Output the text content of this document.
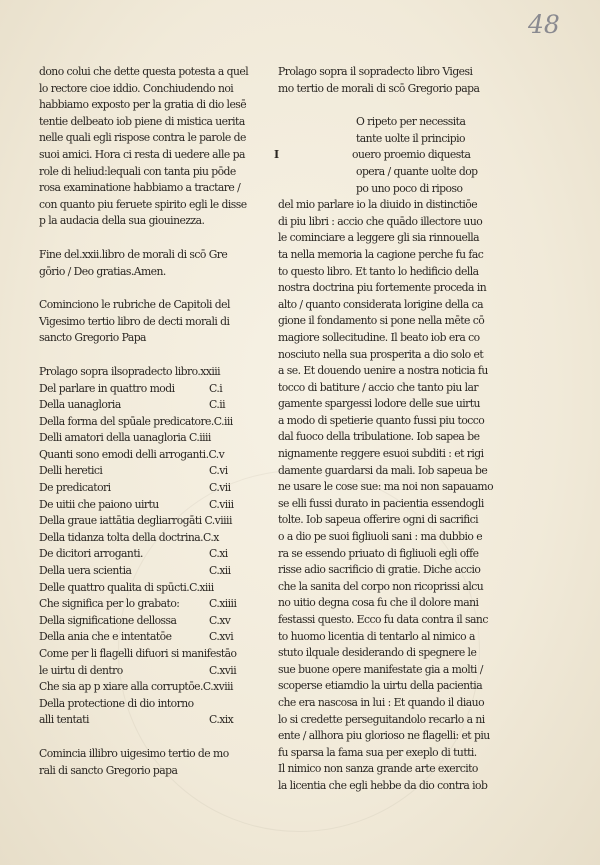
48
dono colui che dette questa potesta a quel
lo rectore cioe iddio. Conchiudendo noi
habbiamo exposto per la gratia di dio lesē
tentie delbeato iob piene di mistica uerita
nelle quali egli rispose contra le parole de
suoi amici. Hora ci resta di uedere alle pa
role di heliud:lequali con tanta piu pōde
rosa examinatione habbiamo a tractare /
con quanto piu feruete spirito egli le disse
p la audacia della sua giouinezza.
Fine del.xxii.libro de morali di scō Gre
gōrio / Deo gratias.Amen.
Cominciono le rubriche de Capitoli del
Vigesimo tertio libro de decti morali di
sancto Gregorio Papa
Prolago sopra ilsopradecto libro.xxiii
Del parlare in quattro modi	C.i
Della uanagloria	C.ii
Della forma del spūale predicatore.C.iii
Delli amatori della uanagloria C.iiii
Quanti sono emodi delli arroganti.C.v
Delli heretici	C.vi
De predicatori	C.vii
De uitii che paiono uirtu	C.viii
Della graue iattātia degliarrogāti C.viiii
Della tidanza tolta della doctrina.C.x
De dicitori arroganti.	C.xi
Della uera scientia	C.xii
Delle quattro qualita di spūcti.C.xiii
Che significa per lo grabato:	C.xiiii
Della significatione dellossa	C.xv
Della ania che e intentatōe	C.xvi
Come per li flagelli difuori si manifestāo
le uirtu di dentro	C.xvii
Che sia ap p xiare alla corruptōe.C.xviii
Della protectione di dio intorno
alli tentati	C.xix
Comincia illibro uigesimo tertio de mo
rali di sancto Gregorio papa
Prolago sopra il sopradecto libro Vigesi
mo tertio de morali di scō Gregorio papa
O ripeto per necessita
tante uolte il principio
I	ouero proemio diquesta
opera / quante uolte dop
po uno poco di riposo
del mio parlare io la diuido in distinctiōe
di piu libri : accio che quādo illectore uuo
le cominciare a leggere gli sia rinnouella
ta nella memoria la cagione perche fu fac
to questo libro. Et tanto lo hedificio della
nostra doctrina piu fortemente proceda in
alto / quanto considerata lorigine della ca
gione il fondamento si pone nella mēte cō
magiore sollecitudine. Il beato iob era co
nosciuto nella sua prosperita a dio solo et
a se. Et douendo uenire a nostra noticia fu
tocco di batiture / accio che tanto piu lar
gamente spargessi lodore delle sue uirtu
a modo di spetierie quanto fussi piu tocco
dal fuoco della tribulatione. Iob sapea be
nignamente reggere esuoi subditi : et rigi
damente guardarsi da mali. Iob sapeua be
ne usare le cose sue: ma noi non sapauamo
se elli fussi durato in pacientia essendogli
tolte. Iob sapeua offerire ogni di sacrifici
o a dio pe suoi figliuoli sani : ma dubbio e
ra se essendo priuato di figliuoli egli offe
risse adio sacrificio di gratie. Diche accio
che la sanita del corpo non ricoprissi alcu
no uitio degna cosa fu che il dolore mani
festassi questo. Ecco fu data contra il sanc
to huomo licentia di tentarlo al nimico a
stuto ilquale desiderando di spegnere le
sue buone opere manifestate gia a molti /
scoperse etiamdio la uirtu della pacientia
che era nascosa in lui : Et quando il diauo
lo si credette perseguitandolo recarlo a ni
ente / allhora piu glorioso ne flagelli: et piu
fu sparsa la fama sua per exeplo di tutti.
Il nimico non sanza grande arte exercito
la licentia che egli hebbe da dio contra iob
